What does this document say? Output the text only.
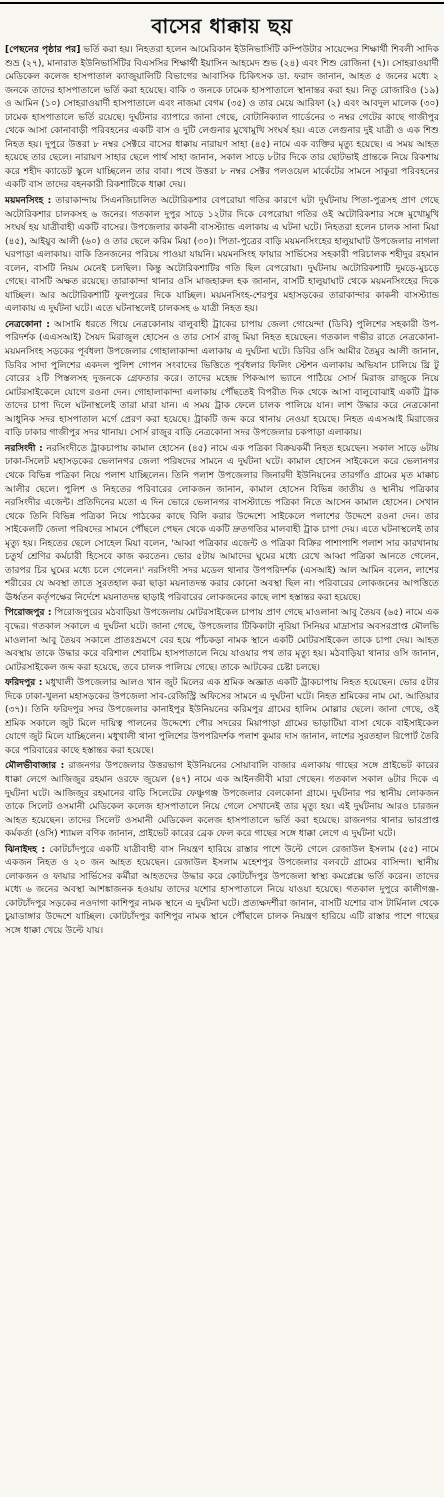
বাসের ধাক্কায় ছয়

[পেছনের পৃষ্ঠার পর] ভর্তি করা হয়। নিহতরা হলেন আমেরিকান ইউনিভার্সিটি কম্পিউটার সায়েন্সের শিক্ষার্থী শিবলী সাদিক শুভ্র (২৭), মানারাত ইউনিভার্সিটির বিএসসির শিক্ষার্থী ইয়াসিন আহমেদ শুভ (২৪) এবং শিশু রোজিনা (৭)। সোহরাওয়ার্দী মেডিকেল কলেজ হাসপাতাল ক্যাজুয়ালিটি বিভাগের আবাসিক চিকিৎসক ডা. ফরাদ জানান, আহত ৫ জনের মধ্যে ২ জনকে তাদের হাসপাতালে ভর্তি করা হয়েছে। বাকি ৩ জনকে ঢামেক হাসপাতালে স্থানান্তর করা হয়। নিতু রোজারিও (১৯) ও আমিন (১০) সোহরাওয়ার্দী হাসপাতালে এবং নাজমা বেগম (৩৫) ও তার মেয়ে আরিফা (২) এবং আবদুল মালেক (৩০) ঢামেক হাসপাতালে ভর্তি রয়েছে। দুর্ঘটনার ব্যাপারে জানা গেছে, বোটানিক্যাল গার্ডেনের ৩ নম্বর গেটের কাছে গাজীপুর থেকে আসা কোনাবাড়ী পরিবহনের একটি বাস ও দুটি লেগুনার মুখোমুখি সংঘর্ষ হয়। এতে লেগুনার দুই যাত্রী ও এক শিশু নিহত হয়। দুপুরে উত্তরা ৮ নম্বর সেক্টরে বাসের ধাক্কায় নারায়ণ সাহা (৪৫) নামে এক ব্যক্তির মৃত্যু হয়েছে। এ সময় আহত হয়েছে তার ছেলে। নারায়ণ সাহার ছেলে পার্থ সাহা জানান, সকাল সাড়ে ৮টার দিকে তার ছোটভাই প্রান্তকে নিয়ে রিকশায় করে শহীদ ক্যাডেট স্কুলে যাচ্ছিলেন তার বাবা। পথে উত্তরা ৮ নম্বর সেক্টর পলওয়েল মার্কেটের সামনে সাকুরা পরিবহনের একটি বাস তাদের বহনকারী রিকশাটিকে ধাক্কা দেয়।

ময়মনসিংহ : তারাকান্দায় সিএনজিচালিত অটোরিকশার বেপরোয়া গতির কারণে ঘটা দুর্ঘটনায় পিতা-পুত্রসহ প্রাণ গেছে অটোরিকশার চালকসহ ৬ জনের। গতকাল দুপুর সাড়ে ১২টার দিকে বেপরোয়া গতির ওই অটোরিকশার সঙ্গে মুখোমুখি সংঘর্ষ হয় যাত্রীবাহী একটি বাসের। উপজেলার কাকনী বাসস্ট্যান্ড এলাকায় এ ঘটনা ঘটে। নিহতরা হলেন চালক সানা মিয়া (৪৫), আইয়ুব আলী (৬০) ও তার ছেলে করিম মিয়া (৩০)। পিতা-পুত্রের বাড়ি ময়মনসিংহের হালুয়াঘাট উপজেলার নাগলা ঘরপাড়া এলাকায়। বাকি তিনজনের পরিচয় পাওয়া যায়নি। ময়মনসিংহ ফায়ার সার্ভিসের সহকারী পরিচালক শহীদুর রহমান বলেন, বাসটি নিয়ম মেনেই চলছিল। কিন্তু অটোরিকশাটির গতি ছিল বেপরোয়া। দুর্ঘটনায় অটোরিকশাটি দুমড়ে-মুচড়ে গেছে। বাসটি অক্ষত রয়েছে। তারাকান্দা থানার ওসি মাজহারুল হক জানান, বাসটি হালুয়াঘাট থেকে ময়মনসিংহের দিকে যাচ্ছিল। আর অটোরিকশাটি ফুলপুরের দিকে যাচ্ছিল। ময়মনসিংহ-শেরপুর মহাসড়কের তারাকান্দার কাকনী বাসস্ট্যান্ড এলাকায় এ দুর্ঘটনা ঘটে। এতে ঘটনাস্থলেই চালকসহ ৬ যাত্রী নিহত হয়।

নেত্রকোনা : আসামি ধরতে গিয়ে নেত্রকোনায় বালুবাহী ট্রাকের চাপায় জেলা গোয়েন্দা (ডিবি) পুলিশের সহকারী উপ-পরিদর্শক (এএসআই) সৈয়দ মিরাজুল হোসেন ও তার সোর্স রাজু মিয়া নিহত হয়েছেন। গতকাল গভীর রাতে নেত্রকোনা-ময়মনসিংহ সড়কের পূর্বধলা উপজেলার গোহালাকান্দা এলাকায় এ দুর্ঘটনা ঘটে। ডিবির ওসি আমীর তৈমুর আলী জানান, ডিবির সাদা পুলিশের একদল পুলিশ গোপন সংবাদের ভিত্তিতে পূর্বধলার ফিলিং স্টেশন এলাকায় অভিযান চালিয়ে থ্রি টু বোরের ২টি পিস্তলসহ দুজনকে গ্রেফতার করে। তাদের মহেন্দ্র পিকআপ ভ্যানে পাঠিয়ে সোর্স মিরাজ রাজুকে নিয়ে মোটরসাইকেলে যোগে রওনা দেন। গোহালাকান্দা এলাকায় পৌঁছতেই বিপরীত দিক থেকে আসা বালুবোঝাই একটি ট্রাক তাদের চাপা দিলে ঘটনাস্থলেই তারা মারা যান। এ সময় ট্রাক ফেলে চালক পালিয়ে যান। লাশ উদ্ধার করে নেত্রকোনা আধুনিক সদর হাসপাতাল মর্গে প্রেরণ করা হয়েছে। ট্রাকটি জব্দ করে থানায় নেওয়া হয়েছে। নিহত এএসআই মিরাজের বাড়ি ঢাকার গাজীপুর সদর থানায়। সোর্স রাজুর বাড়ি নেত্রকোনা সদর উপজেলার চকপাড়া এলাকায়।

নরসিংদী : নরসিংদীতে ট্রাকচাপায় কামাল হোসেন (৪৫) নামে এক পত্রিকা বিক্রয়কর্মী নিহত হয়েছেন। সকাল সাড়ে ৬টায় ঢাকা-সিলেট মহাসড়কের ভেলানগর জেলা পরিষদের সামনে এ দুর্ঘটনা ঘটে। কামাল হোসেন সাইকেলে করে ভেলানগর থেকে বিভিন্ন পত্রিকা নিয়ে পলাশ যাচ্ছিলেন। তিনি পলাশ উপজেলার জিনারদী ইউনিয়নের তারগাঁও গ্রামের মৃত মাক্কাচ আলীর ছেলে। পুলিশ ও নিহতের পরিবারের লোকজন জানান, কামাল হোসেন বিভিন্ন জাতীয় ও স্থানীয় পত্রিকার নরসিংদীর এজেন্ট। প্রতিদিনের মতো এ দিন ভোরে ভেলানগর বাসস্ট্যান্ডে পত্রিকা নিতে আসেন কামাল হোসেন। সেখান থেকে তিনি বিভিন্ন পত্রিকা নিয়ে পাঠকের কাছে বিলি করার উদ্দেশ্যে সাইকেলে পলাশের উদ্দেশে রওনা দেন। তার সাইকেলটি জেলা পরিষদের সামনে পৌঁছলে পেছন থেকে একটি দ্রুতগতির মালবাহী ট্রাক চাপা দেয়। এতে ঘটনাস্থলেই তার মৃত্যু হয়। নিহতের ছেলে সোহেল মিয়া বলেন, 'আব্বা পত্রিকার এজেন্ট ও পত্রিকা বিক্রির পাশাপাশি পলাশ সার কারখানায় চতুর্থ শ্রেণির কর্মচারী হিসেবে কাজ করতেন। ভোর ৫টায় আমাদের ঘুমের মধ্যে রেখে আব্বা পত্রিকা আনতে গেলেন, তারপর চির ঘুমের মধ্যে চলে গেলেন।' নরসিংদী সদর মডেল থানার উপপরিদর্শক (এসআই) আল আমিন বলেন, লাশের শরীরের যে অবস্থা তাতে সুরতহাল করা ছাড়া ময়নাতদন্ত করার কোনো অবস্থা ছিল না। পরিবারের লোকজনের আপত্তিতে ঊর্ধ্বতন কর্তৃপক্ষের নির্দেশে ময়নাতদন্ত ছাড়াই পরিবারের লোকজনের কাছে লাশ হস্তান্তর করা হয়েছে।

পিরোজপুর : পিরোজপুরের মঠবাড়িয়া উপজেলায় মোটরসাইকেল চাপায় প্রাণ গেছে মাওলানা আবু তৈয়ব (৬৫) নামে এক বৃদ্ধের। গতকাল সকালে এ দুর্ঘটনা ঘটে। জানা গেছে, উপজেলার টিকিকাটা নূরিয়া সিনিয়র মাদ্রাসার অবসরপ্রাপ্ত মৌলভি মাওলানা আবু তৈয়ব সকালে প্রাতঃভ্রমণে বের হয়ে পাঁচকড়া নামক স্থানে একটি মোটরসাইকেল তাকে চাপা দেয়। আহত অবস্থায় তাকে উদ্ধার করে বরিশাল শেবাচিম হাসপাতালে নিয়ে যাওয়ার পথ তার মৃত্যু হয়। মঠবাড়িয়া থানার ওসি জানান, মোটরসাইকেল জব্দ করা হয়েছে, তবে চালক পালিয়ে গেছে। তাকে আটকের চেষ্টা চলছে।

ফরিদপুর : মধুখালী উপজেলার আলও খান জুট মিলের এক শ্রমিক অজ্ঞাত একটি ট্রাকচাপায় নিহত হয়েছেন। ভোর ৫টার দিকে ঢাকা-খুলনা মহাসড়কের উপজেলা সাব-রেজিস্ট্রি অফিসের সামনে এ দুর্ঘটনা ঘটে। নিহত শ্রমিকের নাম মো. আতিয়ার (৩৭)। তিনি ফরিদপুর সদর উপজেলার কানাইপুর ইউনিয়নের করিমপুর গ্রামের হালিম মোল্লার ছেলে। জানা গেছে, ওই শ্রমিক সকালে জুট মিলে দায়িত্ব পালনের উদ্দেশ্যে পৌর সদরের মিয়াপাড়া গ্রামের ভাড়াটিয়া বাসা থেকে বাইসাইকেল যোগে জুট মিলে যাচ্ছিলেন। মধুখালী থানা পুলিশের উপপরিদর্শক পলাশ কুমার দাস জানান, লাশের সুরতহাল রিপোর্ট তৈরি করে পরিবারের কাছে হস্তান্তর করা হয়েছে।

মৌলভীবাজার : রাজনগর উপজেলার উত্তরভাগ ইউনিয়নের সোয়াবালি বাজার এলাকায় গাছের সঙ্গে প্রাইভেট কারের ধাক্কা লেগে আজিজুর রহমান ওরফে জুয়েল (৪৭) নামে এক আইনজীবী মারা গেছেন। গতকাল সকাল ৬টার দিকে এ দুর্ঘটনা ঘটে। আজিজুর রহমানের বাড়ি সিলেটের ফেঞ্চুগঞ্জ উপজেলার বেলকোনা গ্রামে। দুর্ঘটনার পর স্থানীয় লোকজন তাকে সিলেট ওসমানী মেডিকেল কলেজ হাসপাতালে নিয়ে গেলে সেখানেই তার মৃত্যু হয়। এই দুর্ঘটনায় আরও চারজন আহত হয়েছেন। তাদের সিলেট ওসমানী মেডিকেল কলেজ হাসপাতালে ভর্তি করা হয়েছে। রাজনগর থানার ভারপ্রাপ্ত কর্মকর্তা (ওসি) শ্যামল বণিক জানান, প্রাইভেট কারের ব্রেক ফেল করে গাছের সঙ্গে ধাক্কা লেগে এ দুর্ঘটনা ঘটে।

ঝিনাইদহ : কোটচাঁদপুরে একটি যাত্রীবাহী বাস নিয়ন্ত্রণ হারিয়ে রাস্তার পাশে উল্টে গেলে রেজাউল ইসলাম (৫৫) নামে একজন নিহত ও ২০ জন আহত হয়েছেন। রেজাউল ইসলাম মহেশপুর উপজেলার বলবটে গ্রামের বাসিন্দা। স্থানীয় লোকজন ও ফায়ার সার্ভিসের কর্মীরা আহতদের উদ্ধার করে কোটচাঁদপুর উপজেলা স্বাস্থ্য কমপ্লেক্সে ভর্তি করেন। তাদের মধ্যে ৬ জনের অবস্থা আশঙ্কাজনক হওয়ায় তাদের যশোর হাসপাতালে নিয়ে যাওয়া হয়েছে। গতকাল দুপুরে কালীগঞ্জ-কোটচাঁদপুর সড়কের নওদাগা কাশিপুর নামক স্থানে এ দুর্ঘটনা ঘটে। প্রত্যক্ষদর্শীরা জানান, বাসটি যশোর বাস টার্মিনাল থেকে চুয়াডাঙ্গার উদ্দেশে যাচ্ছিল। কোটচাঁদপুর কাশিপুর নামক স্থানে পৌঁছালে চালক নিয়ন্ত্রণ হারিয়ে এটি রাস্তার পাশে গাছের সঙ্গে ধাক্কা খেয়ে উল্টে যায়।
